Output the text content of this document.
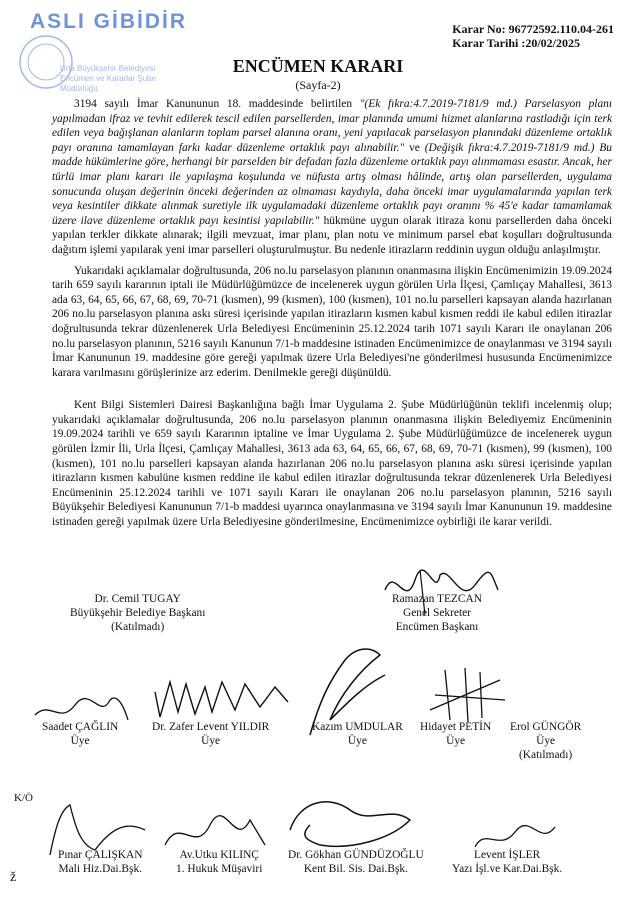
ASLI GİBİDİR
Urla Büyükşehir Belediyesi
Encümen ve Kararlar Şube
Müdürlüğü
Karar No: 96772592.110.04-261
Karar Tarihi :20/02/2025
ENCÜMEN KARARI
(Sayfa-2)

3194 sayılı İmar Kanununun 18. maddesinde belirtilen "(Ek fıkra:4.7.2019-7181/9 md.) Parselasyon planı yapılmadan ifraz ve tevhit edilerek tescil edilen parsellerden, imar planında umumi hizmet alanlarına rastladığı için terk edilen veya bağışlanan alanların toplam parsel alanına oranı, yeni yapılacak parselasyon planındaki düzenleme ortaklık payı oranına tamamlayan farkı kadar düzenleme ortaklık payı alınabilir." ve (Değişik fıkra:4.7.2019-7181/9 md.) Bu madde hükümlerine göre, herhangi bir parselden bir defadan fazla düzenleme ortaklık payı alınmaması esastır. Ancak, her türlü imar planı kararı ile yapılaşma koşulunda ve nüfusta artış olması hâlinde, artış olan parsellerden, uygulama sonucunda oluşan değerinin önceki değerinden az olmaması kaydıyla, daha önceki imar uygulamalarında yapılan terk veya kesintiler dikkate alınmak suretiyle ilk uygulamadaki düzenleme ortaklık payı oranını % 45'e kadar tamamlamak üzere ilave düzenleme ortaklık payı kesintisi yapılabilir." hükmüne uygun olarak itiraza konu parsellerden daha önceki yapılan terkler dikkate alınarak; ilgili mevzuat, imar planı, plan notu ve minimum parsel ebat koşulları doğrultusunda dağıtım işlemi yapılarak yeni imar parselleri oluşturulmuştur. Bu nedenle itirazların reddinin uygun olduğu anlaşılmıştır.

Yukarıdaki açıklamalar doğrultusunda, 206 no.lu parselasyon planının onanmasına ilişkin Encümenimizin 19.09.2024 tarih 659 sayılı kararının iptali ile Müdürlüğümüzce de incelenerek uygun görülen Urla İlçesi, Çamlıçay Mahallesi, 3613 ada 63, 64, 65, 66, 67, 68, 69, 70-71 (kısmen), 99 (kısmen), 100 (kısmen), 101 no.lu parselleri kapsayan alanda hazırlanan 206 no.lu parselasyon planına askı süresi içerisinde yapılan itirazların kısmen kabul kısmen reddi ile kabul edilen itirazlar doğrultusunda tekrar düzenlenerek Urla Belediyesi Encümeninin 25.12.2024 tarih 1071 sayılı Kararı ile onaylanan 206 no.lu parselasyon planının, 5216 sayılı Kanunun 7/1-b maddesine istinaden Encümenimizce de onaylanması ve 3194 sayılı İmar Kanununun 19. maddesine göre gereği yapılmak üzere Urla Belediyesi'ne gönderilmesi hususunda Encümenimizce karara varılmasını görüşlerinize arz ederim. Denilmekle gereği düşünüldü.

Kent Bilgi Sistemleri Dairesi Başkanlığına bağlı İmar Uygulama 2. Şube Müdürlüğünün teklifi incelenmiş olup; yukarıdaki açıklamalar doğrultusunda, 206 no.lu parselasyon planının onanmasına ilişkin Belediyemiz Encümeninin 19.09.2024 tarihli ve 659 sayılı Kararının iptaline ve İmar Uygulama 2. Şube Müdürlüğümüzce de incelenerek uygun görülen İzmir İli, Urla İlçesi, Çamlıçay Mahallesi, 3613 ada 63, 64, 65, 66, 67, 68, 69, 70-71 (kısmen), 99 (kısmen), 100 (kısmen), 101 no.lu parselleri kapsayan alanda hazırlanan 206 no.lu parselasyon planına askı süresi içerisinde yapılan itirazların kısmen kabulüne kısmen reddine ile kabul edilen itirazlar doğrultusunda tekrar düzenlenerek Urla Belediyesi Encümeninin 25.12.2024 tarihli ve 1071 sayılı Kararı ile onaylanan 206 no.lu parselasyon planının, 5216 sayılı Büyükşehir Belediyesi Kanununun 7/1-b maddesi uyarınca onaylanmasına ve 3194 sayılı İmar Kanununun 19. maddesine istinaden gereği yapılmak üzere Urla Belediyesine gönderilmesine, Encümenimizce oybirliği ile karar verildi.

Dr. Cemil TUGAY
Büyükşehir Belediye Başkanı
(Katılmadı)
Ramazan TEZCAN
Genel Sekreter
Encümen Başkanı
Saadet ÇAĞLIN
Üye
Dr. Zafer Levent YILDIR
Üye
Kazım UMDULAR
Üye
Hidayet PETİN
Üye
Erol GÜNGÖR
Üye
(Katılmadı)
Pınar ÇALIŞKAN
Mali Hiz.Dai.Bşk.
Av.Utku KILINÇ
1. Hukuk Müşaviri
Dr. Gökhan GÜNDÜZOĞLU
Kent Bil. Sis. Dai.Bşk.
Levent İŞLER
Yazı İşl.ve Kar.Dai.Bşk.
K/Ö
ž
